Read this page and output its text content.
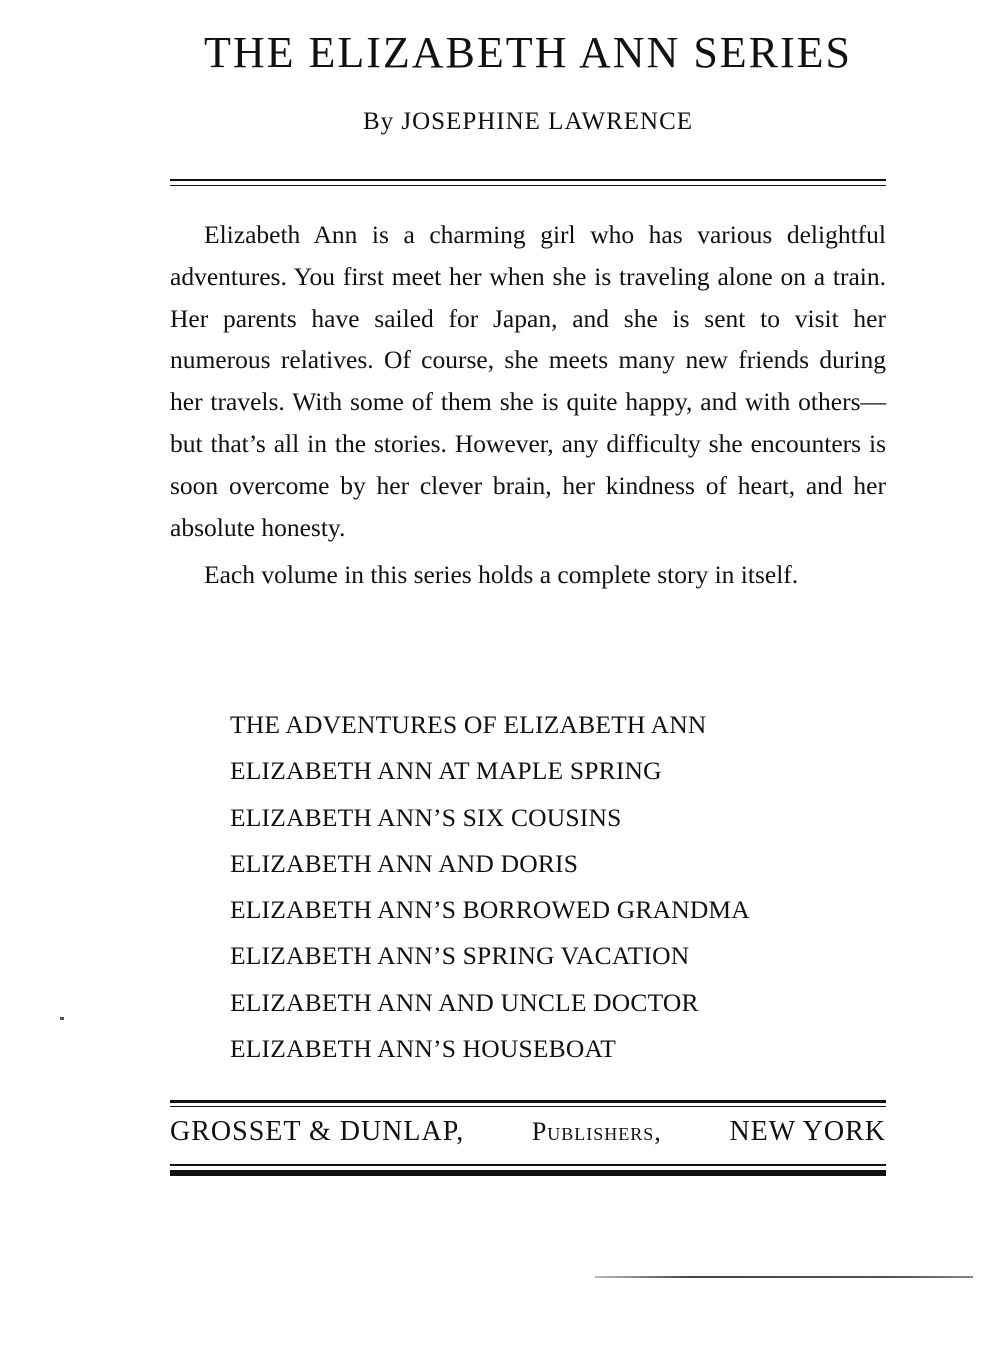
THE ELIZABETH ANN SERIES
By JOSEPHINE LAWRENCE

Elizabeth Ann is a charming girl who has various delightful adventures. You first meet her when she is traveling alone on a train. Her parents have sailed for Japan, and she is sent to visit her numerous relatives. Of course, she meets many new friends during her travels. With some of them she is quite happy, and with others—but that’s all in the stories. However, any difficulty she encounters is soon overcome by her clever brain, her kindness of heart, and her absolute honesty.

Each volume in this series holds a complete story in itself.

THE ADVENTURES OF ELIZABETH ANN
ELIZABETH ANN AT MAPLE SPRING
ELIZABETH ANN’S SIX COUSINS
ELIZABETH ANN AND DORIS
ELIZABETH ANN’S BORROWED GRANDMA
ELIZABETH ANN’S SPRING VACATION
ELIZABETH ANN AND UNCLE DOCTOR
ELIZABETH ANN’S HOUSEBOAT
GROSSET & DUNLAP,	Publishers, NEW YORK
